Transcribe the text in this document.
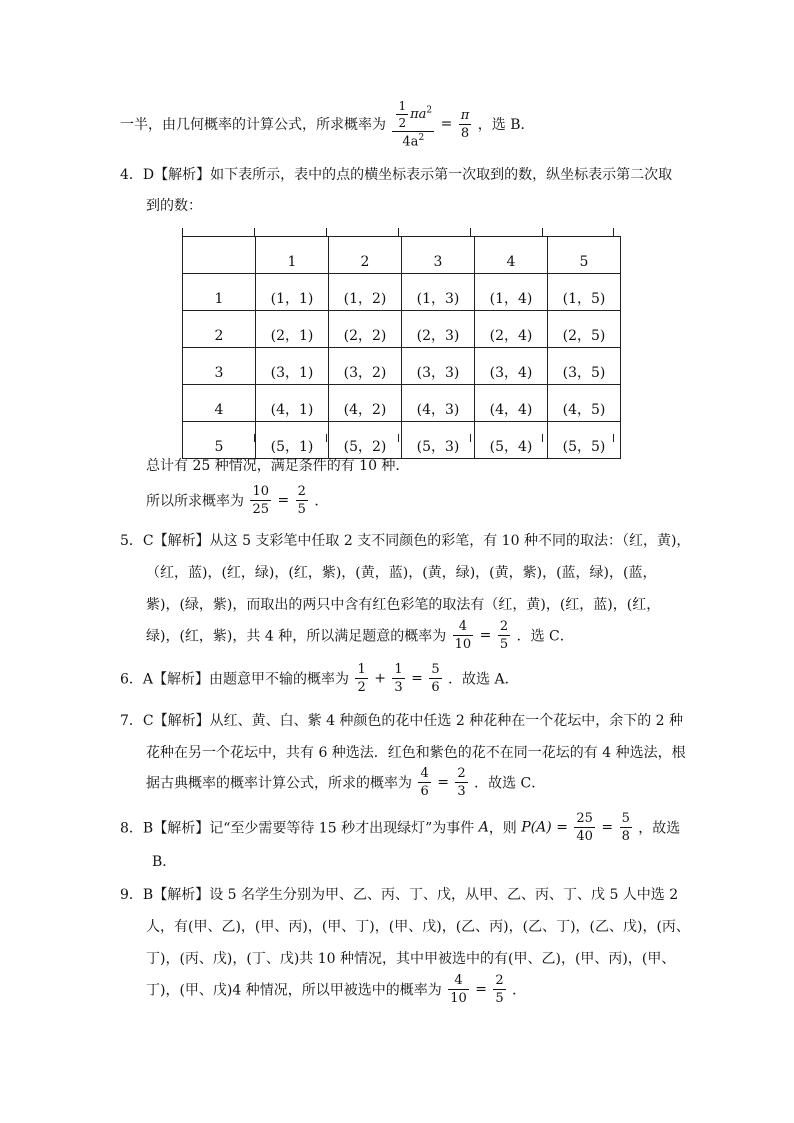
一半，由几何概率的计算公式，所求概率为 $\frac{\frac{1}{2} \pi a^2}{4a^2} = \frac{\pi}{8}$ ，选 B．
4．D【解析】如下表所示，表中的点的横坐标表示第一次取到的数，纵坐标表示第二次取
到的数：
	1	2	3	4	5
1	(1，1)	(1，2)	(1，3)	(1，4)	(1，5)
2	(2，1)	(2，2)	(2，3)	(2，4)	(2，5)
3	(3，1)	(3，2)	(3，3)	(3，4)	(3，5)
4	(4，1)	(4，2)	(4，3)	(4，4)	(4，5)
5	(5，1)	(5，2)	(5，3)	(5，4)	(5，5)
总计有 25 种情况，满足条件的有 10 种．
所以所求概率为 $\frac{10}{25} = \frac{2}{5}$ ．
5．C【解析】从这 5 支彩笔中任取 2 支不同颜色的彩笔，有 10 种不同的取法：（红，黄)，
（红，蓝)，(红，绿)，(红，紫)，(黄，蓝)，(黄，绿)，(黄，紫)，(蓝，绿)，(蓝，
紫)，(绿，紫)，而取出的两只中含有红色彩笔的取法有（红，黄)，(红，蓝)，(红，
绿)，(红，紫)，共 4 种，所以满足题意的概率为 $\frac{4}{10} = \frac{2}{5}$ ．选 C．
6．A【解析】由题意甲不输的概率为 $\frac{1}{2} + \frac{1}{3} = \frac{5}{6}$ ．故选 A．
7．C【解析】从红、黄、白、紫 4 种颜色的花中任选 2 种花种在一个花坛中，余下的 2 种
花种在另一个花坛中，共有 6 种选法．红色和紫色的花不在同一花坛的有 4 种选法，根
据古典概率的概率计算公式，所求的概率为 $\frac{4}{6} = \frac{2}{3}$ ．故选 C．
8．B【解析】记“至少需要等待 15 秒才出现绿灯”为事件 A，则 $P(A) = \frac{25}{40} = \frac{5}{8}$ ，故选
B．
9．B【解析】设 5 名学生分别为甲、乙、丙、丁、戊，从甲、乙、丙、丁、戊 5 人中选 2
人，有(甲、乙)，(甲、丙)，(甲、丁)，(甲、戊)，(乙、丙)，(乙、丁)，(乙、戊)，(丙、
丁)，(丙、戊)，(丁、戊)共 10 种情况，其中甲被选中的有(甲、乙)，(甲、丙)，(甲、
丁)，(甲、戊)4 种情况，所以甲被选中的概率为 $\frac{4}{10} = \frac{2}{5}$ ．
